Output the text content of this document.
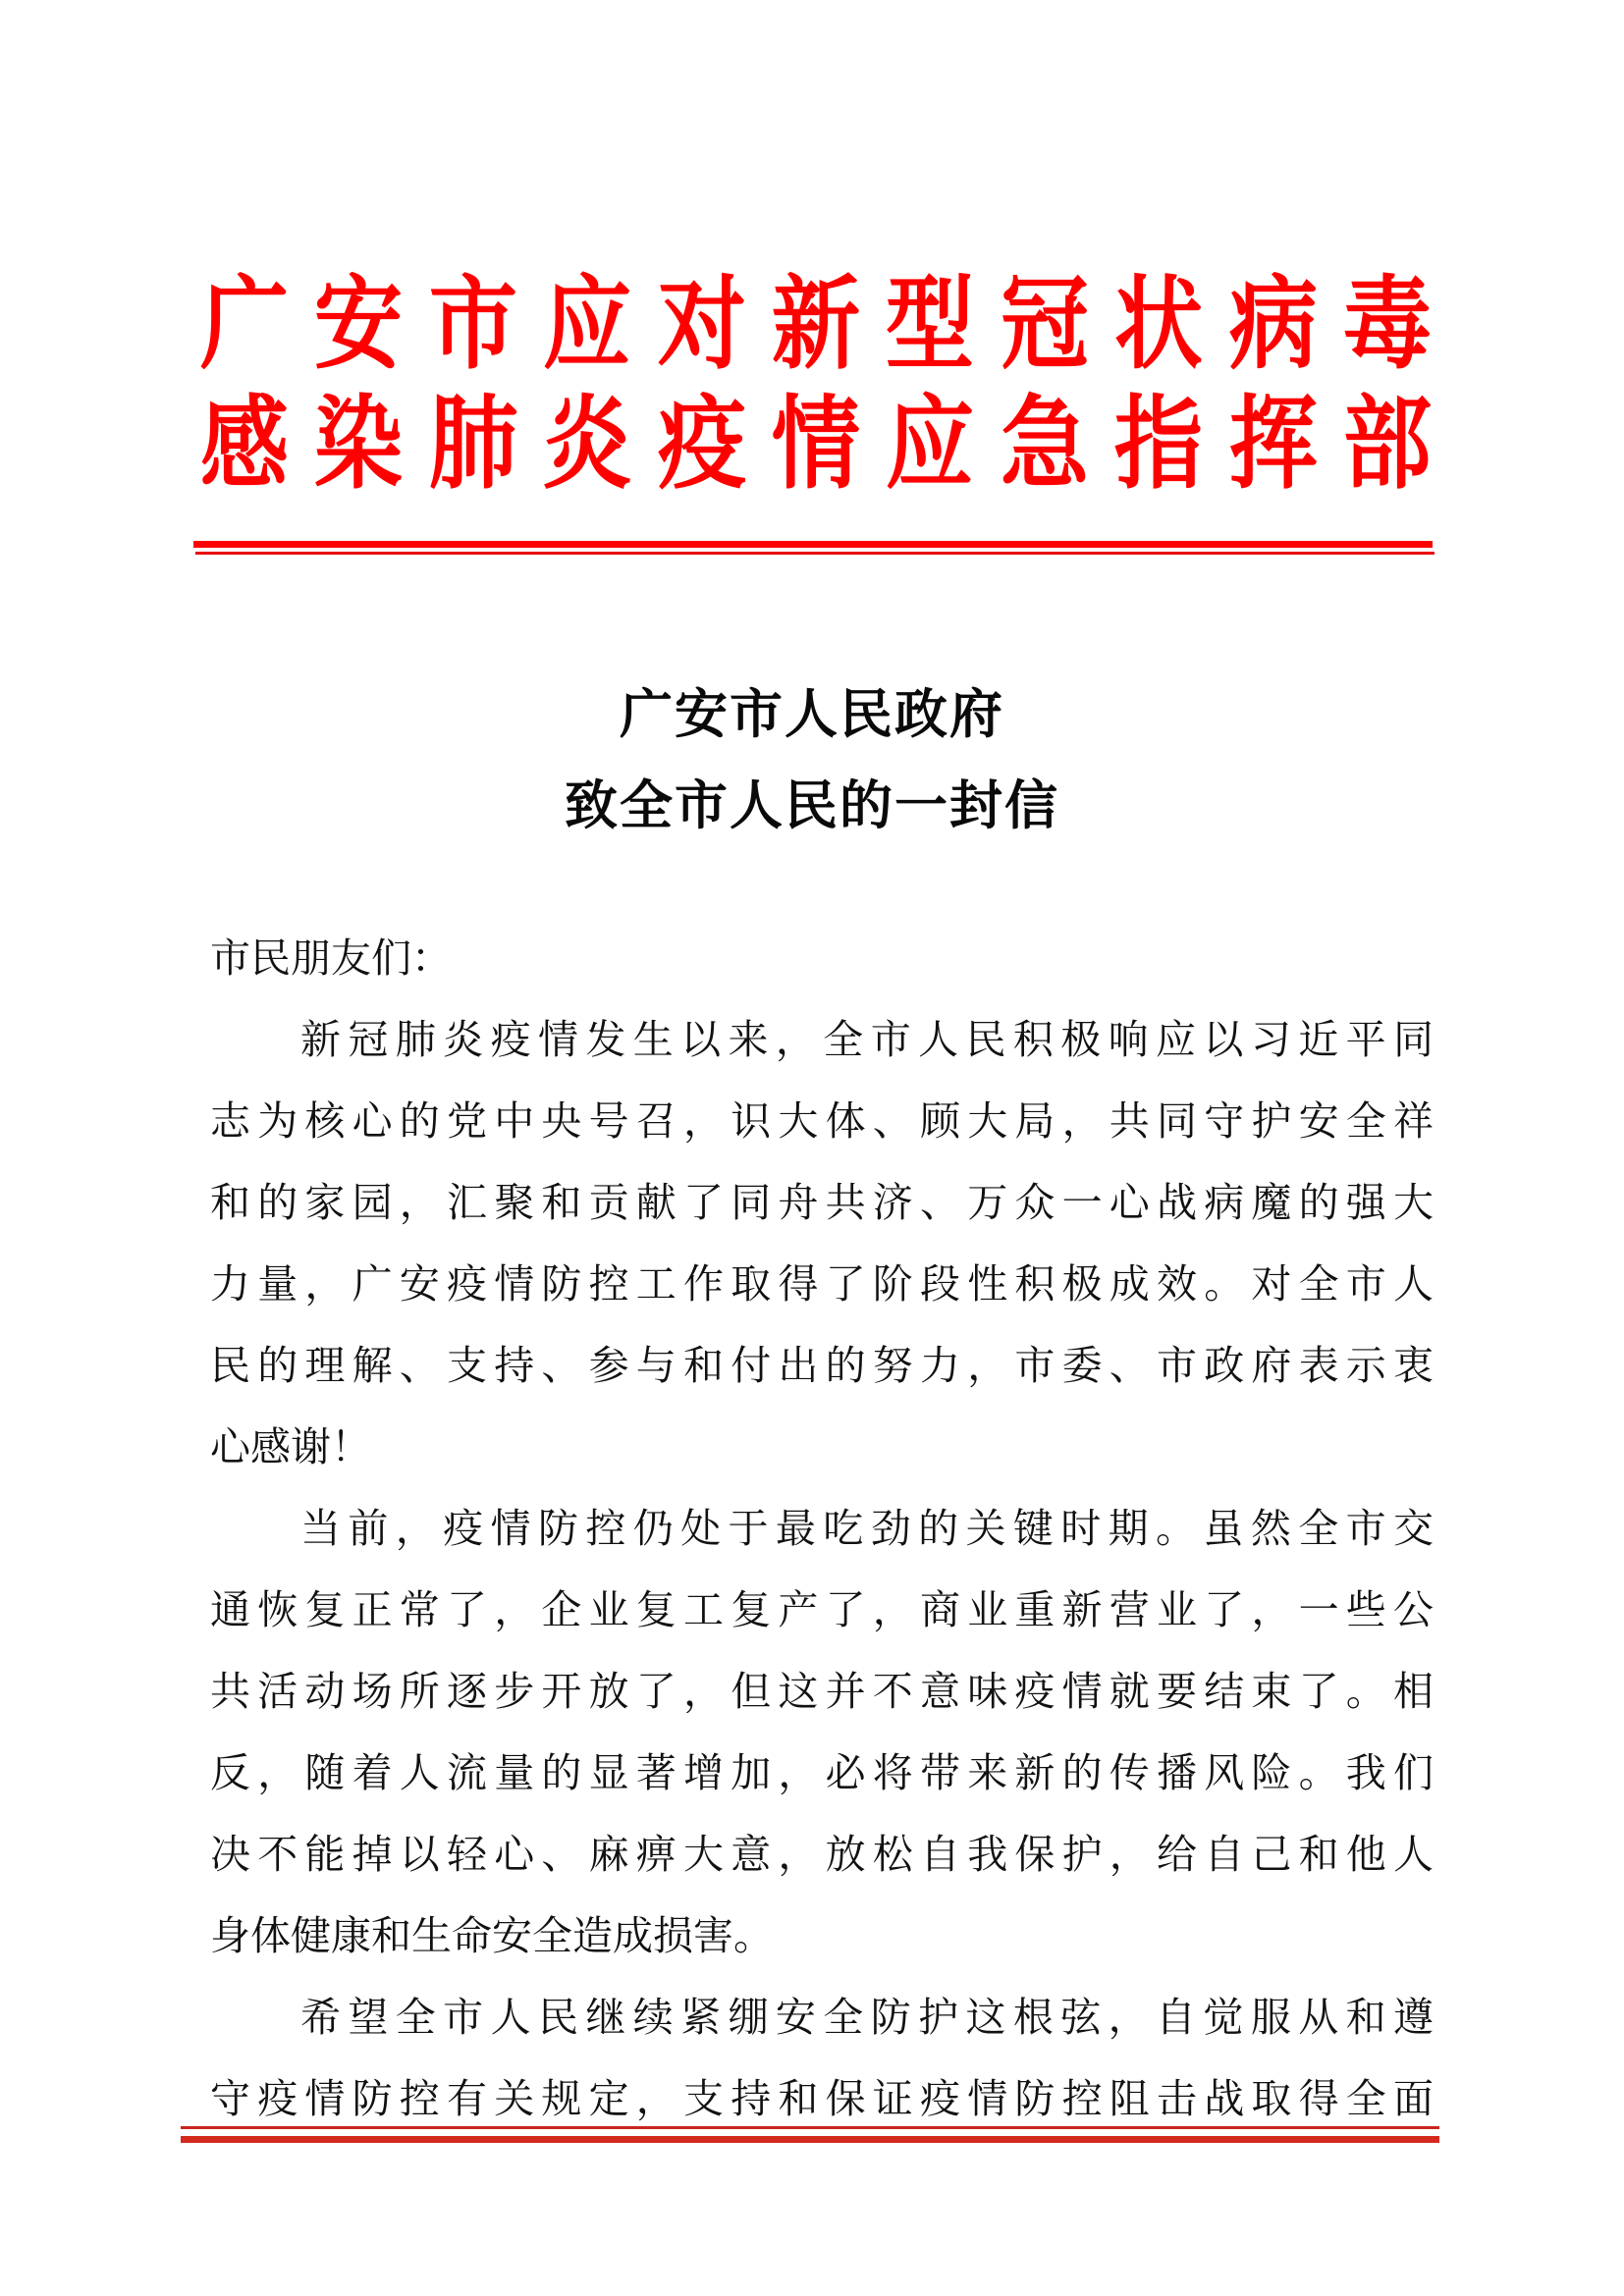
广 安 市 应 对 新 型 冠 状 病 毒
感 染 肺 炎 疫 情 应 急 指 挥 部
广安市人民政府
致全市人民的一封信
市民朋友们：
新冠肺炎疫情发生以来，全市人民积极响应以习近平同
志为核心的党中央号召，识大体、顾大局，共同守护安全祥
和的家园，汇聚和贡献了同舟共济、万众一心战病魔的强大
力量，广安疫情防控工作取得了阶段性积极成效。对全市人
民的理解、支持、参与和付出的努力，市委、市政府表示衷
心感谢！
当前，疫情防控仍处于最吃劲的关键时期。虽然全市交
通恢复正常了，企业复工复产了，商业重新营业了，一些公
共活动场所逐步开放了，但这并不意味疫情就要结束了。相
反，随着人流量的显著增加，必将带来新的传播风险。我们
决不能掉以轻心、麻痹大意，放松自我保护，给自己和他人
身体健康和生命安全造成损害。
希望全市人民继续紧绷安全防护这根弦，自觉服从和遵
守疫情防控有关规定，支持和保证疫情防控阻击战取得全面
